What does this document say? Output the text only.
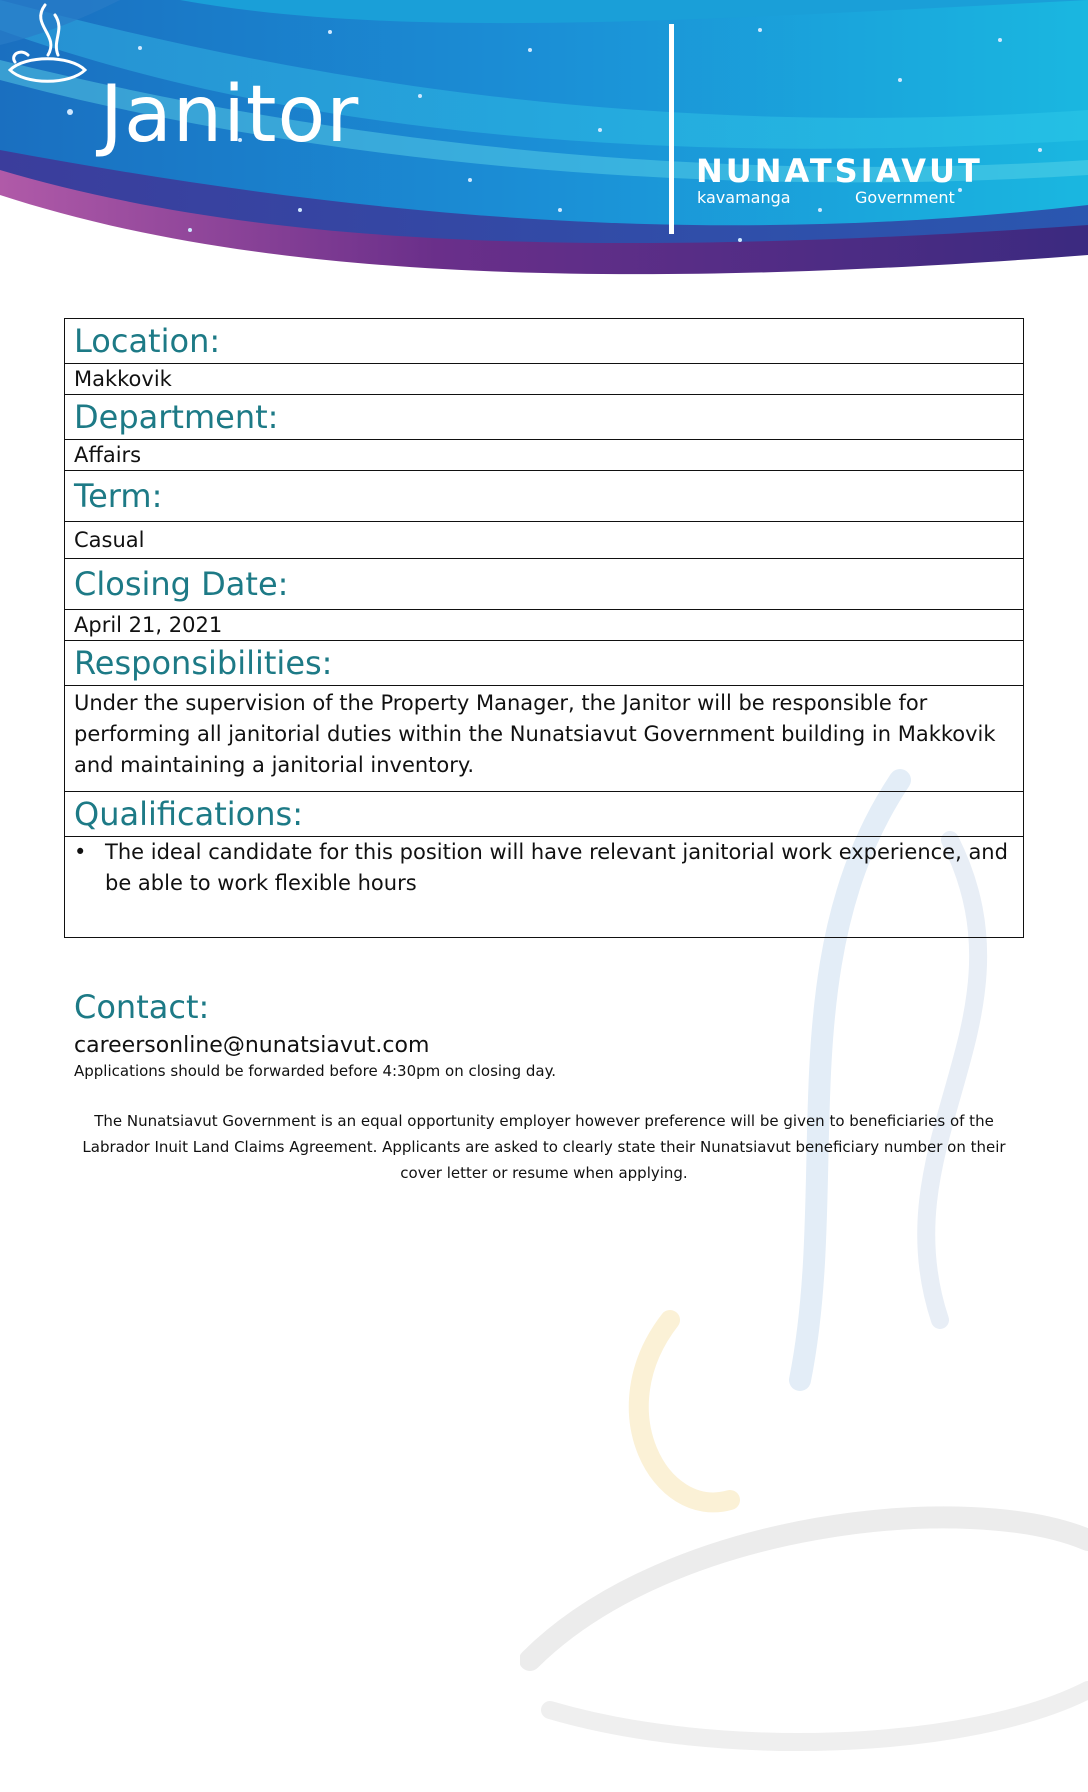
Janitor
NUNATSIAVUT
kavamanga	Government
Location:
Makkovik
Department:
Affairs
Term:
Casual
Closing Date:
April 21, 2021
Responsibilities:
Under the supervision of the Property Manager, the Janitor will be responsible for performing all janitorial duties within the Nunatsiavut Government building in Makkovik and maintaining a janitorial inventory.
Qualifications:

• The ideal candidate for this position will have relevant janitorial work experience, and be able to work flexible hours
Contact:
careersonline@nunatsiavut.com
Applications should be forwarded before 4:30pm on closing day.
The Nunatsiavut Government is an equal opportunity employer however preference will be given to beneficiaries of the Labrador Inuit Land Claims Agreement. Applicants are asked to clearly state their Nunatsiavut beneficiary number on their cover letter or resume when applying.
